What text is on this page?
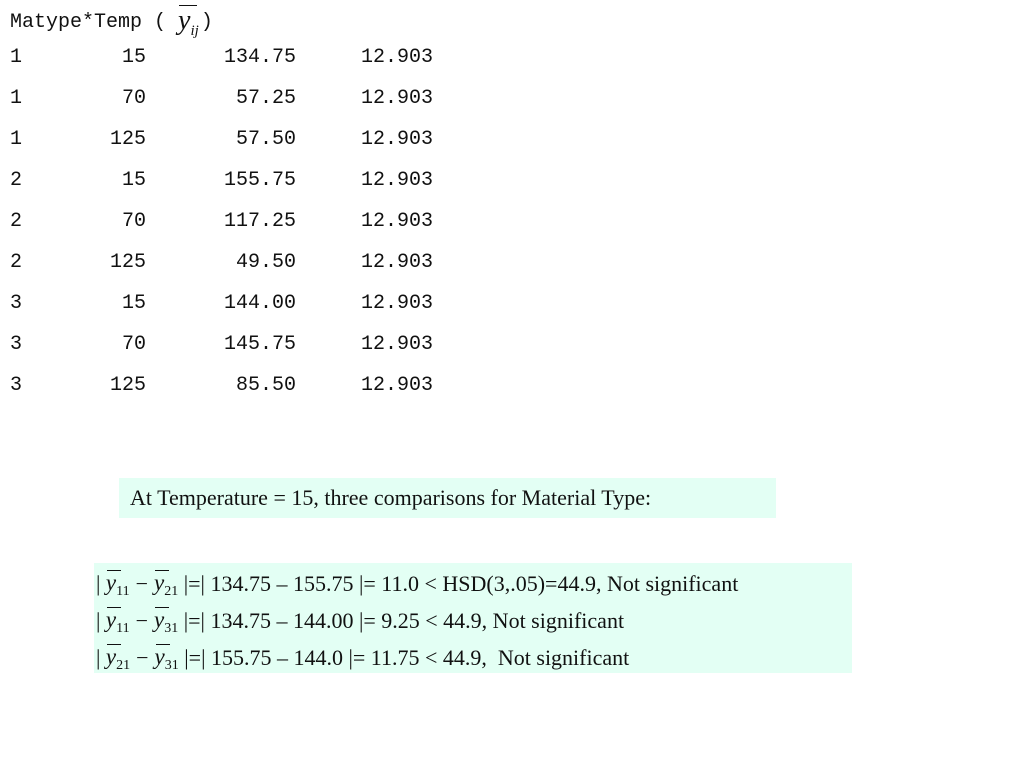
Matype*Temp ( $y_{ij}$ )
1	15	134.75	12.903
1	70	57.25	12.903
1	125	57.50	12.903
2	15	155.75	12.903
2	70	117.25	12.903
2	125	49.50	12.903
3	15	144.00	12.903
3	70	145.75	12.903
3	125	85.50	12.903
At Temperature = 15, three comparisons for Material Type:
| $y_{11} - y_{21}$ |=| 134.75 – 155.75 |= 11.0 < HSD(3,.05)=44.9, Not significant
| $y_{11} - y_{31}$ |=| 134.75 – 144.00 |= 9.25 < 44.9, Not significant
| $y_{21} - y_{31}$ |=| 155.75 – 144.0 |= 11.75 < 44.9,  Not significant
